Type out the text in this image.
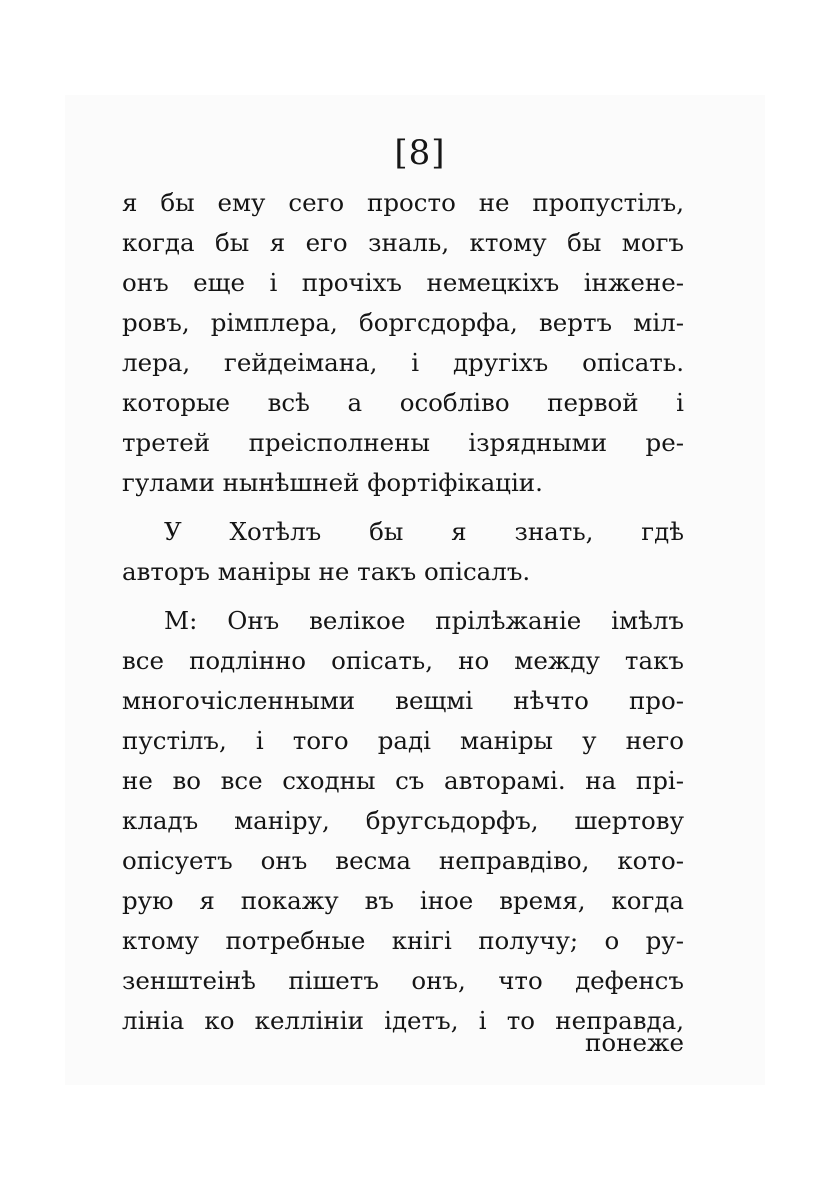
[8]
я бы ему сего просто не пропустiлъ,
когда бы я его зналь, ктому бы могъ
онъ еще i прочiхъ немецкiхъ iнжене-
ровъ, рiмплера, боргсдорфа, вертъ мiл-
лера, гейдеiмана, i другiхъ опiсать.
которые всѣ а особлiво первой i
третей преiсполнены iзрядными ре-
гулами нынѣшней фортiфiкацiи.
У Хотѣлъ бы я знать, гдѣ
авторъ манiры не такъ опiсалъ.
М: Онъ велiкое прiлѣжанiе iмѣлъ
все подлiнно опiсать, но между такъ
многочiсленными вещмi нѣчто про-
пустiлъ, i того радi манiры у него
не во все сходны съ авторамi. на прi-
кладъ манiру, бругсьдорфъ, шертову
опiсуетъ онъ весма неправдiво, кото-
рую я покажу въ iное время, когда
ктому потребные кнiгi получу; о ру-
зенштеiнѣ пiшетъ онъ, что дефенсъ
лiнiа ко келлiнiи iдетъ, i то неправда,
понеже
